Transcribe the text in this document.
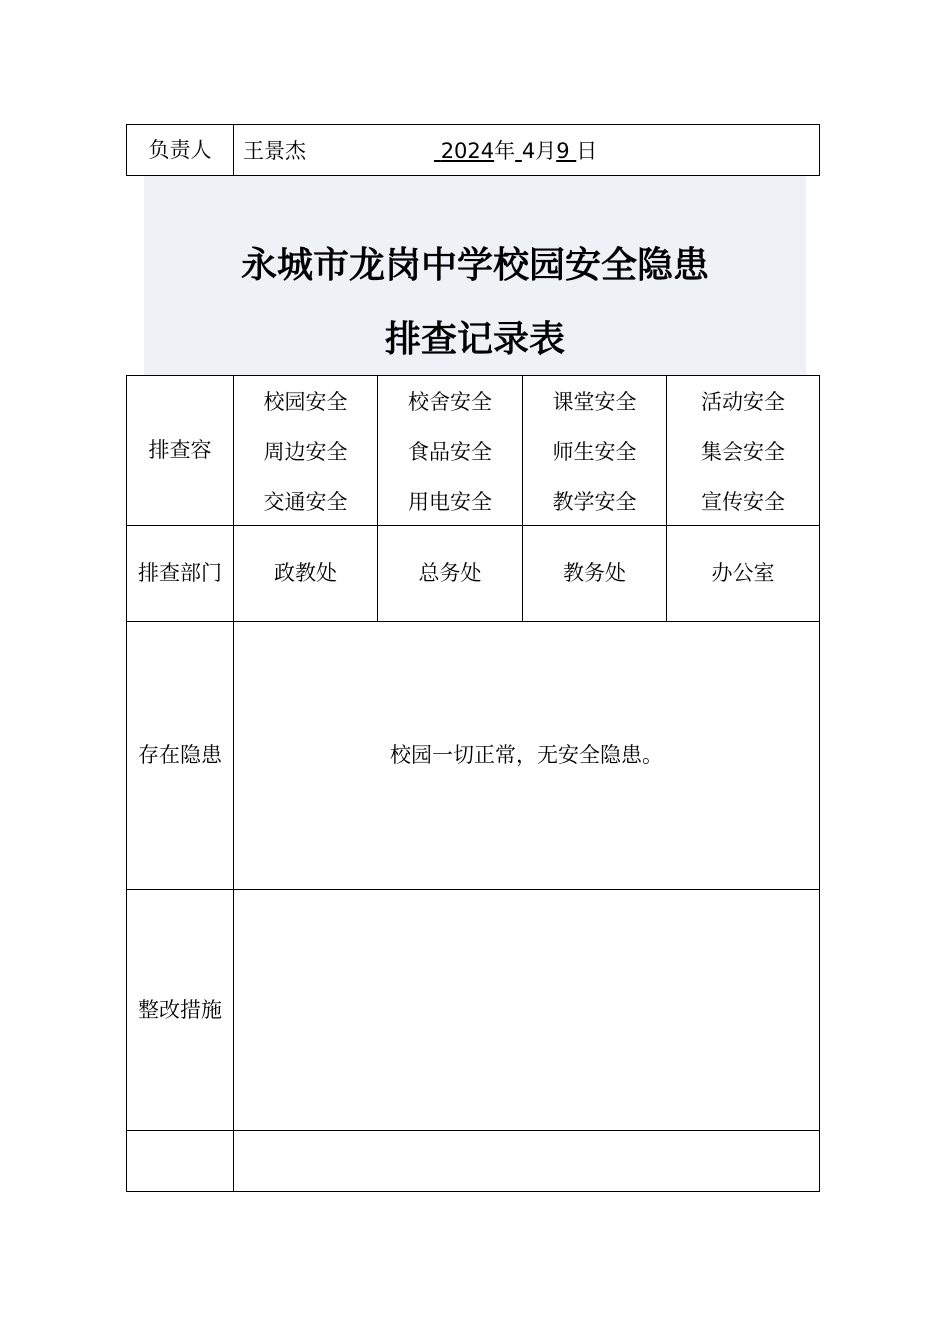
负责人	王景杰	2024年 4月9 日
永城市龙岗中学校园安全隐患
排查记录表
排查容
校园安全	校舍安全	课堂安全	活动安全
周边安全	食品安全	师生安全	集会安全
交通安全	用电安全	教学安全	宣传安全
排查部门	政教处	总务处	教务处	办公室
存在隐患	校园一切正常，无安全隐患。
整改措施
